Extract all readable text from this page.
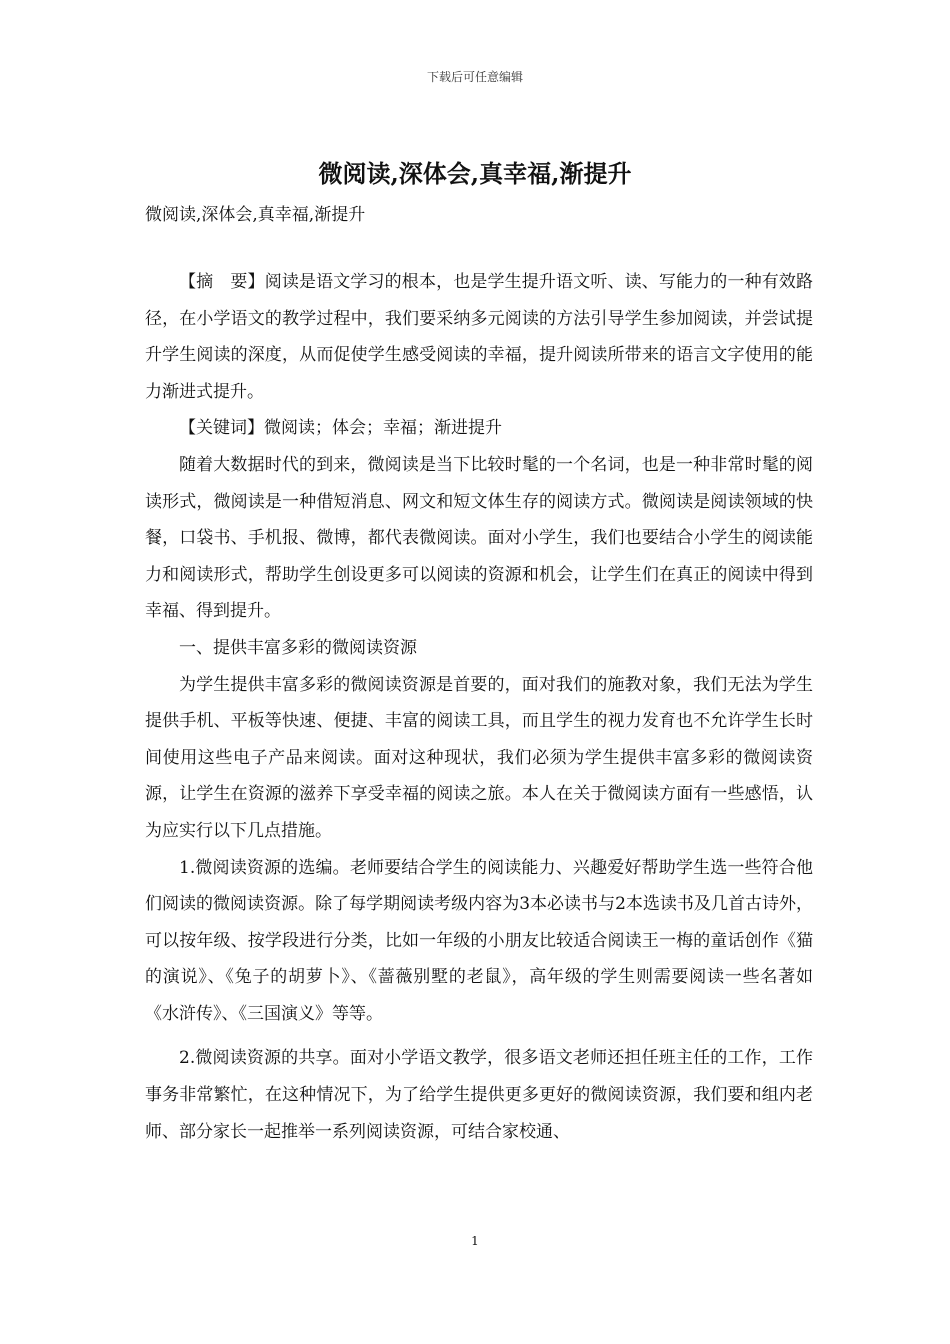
下载后可任意编辑
微阅读,深体会,真幸福,渐提升
微阅读,深体会,真幸福,渐提升

【摘　要】阅读是语文学习的根本，也是学生提升语文听、读、写能力的一种有效路径，在小学语文的教学过程中，我们要采纳多元阅读的方法引导学生参加阅读，并尝试提升学生阅读的深度，从而促使学生感受阅读的幸福，提升阅读所带来的语言文字使用的能力渐进式提升。

【关键词】微阅读；体会；幸福；渐进提升

随着大数据时代的到来，微阅读是当下比较时髦的一个名词，也是一种非常时髦的阅读形式，微阅读是一种借短消息、网文和短文体生存的阅读方式。微阅读是阅读领域的快餐，口袋书、手机报、微博，都代表微阅读。面对小学生，我们也要结合小学生的阅读能力和阅读形式，帮助学生创设更多可以阅读的资源和机会，让学生们在真正的阅读中得到幸福、得到提升。

一、提供丰富多彩的微阅读资源

为学生提供丰富多彩的微阅读资源是首要的，面对我们的施教对象，我们无法为学生提供手机、平板等快速、便捷、丰富的阅读工具，而且学生的视力发育也不允许学生长时间使用这些电子产品来阅读。面对这种现状，我们必须为学生提供丰富多彩的微阅读资源，让学生在资源的滋养下享受幸福的阅读之旅。本人在关于微阅读方面有一些感悟，认为应实行以下几点措施。

1.微阅读资源的选编。老师要结合学生的阅读能力、兴趣爱好帮助学生选一些符合他们阅读的微阅读资源。除了每学期阅读考级内容为3本必读书与2本选读书及几首古诗外，可以按年级、按学段进行分类，比如一年级的小朋友比较适合阅读王一梅的童话创作《猫的演说》、《兔子的胡萝卜》、《蔷薇别墅的老鼠》，高年级的学生则需要阅读一些名著如《水浒传》、《三国演义》等等。

2.微阅读资源的共享。面对小学语文教学，很多语文老师还担任班主任的工作，工作事务非常繁忙，在这种情况下，为了给学生提供更多更好的微阅读资源，我们要和组内老师、部分家长一起推举一系列阅读资源，可结合家校通、

1
